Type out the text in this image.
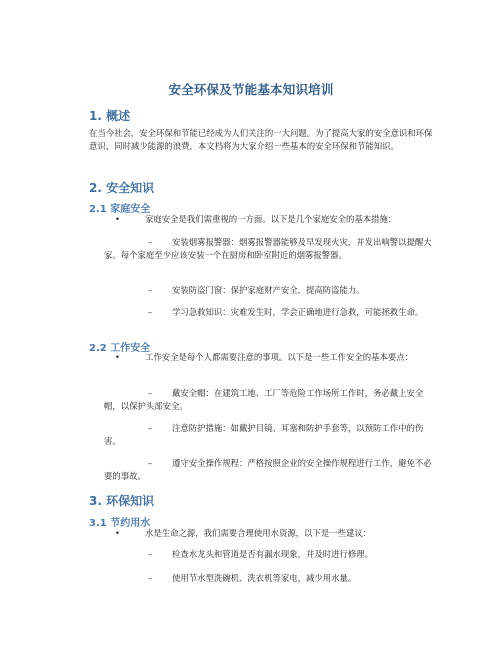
安全环保及节能基本知识培训
1. 概述
在当今社会，安全环保和节能已经成为人们关注的一大问题。为了提高大家的安全意识和环保意识，同时减少能源的浪费，本文档将为大家介绍一些基本的安全环保和节能知识。
2. 安全知识
2.1 家庭安全
•	家庭安全是我们需重视的一方面。以下是几个家庭安全的基本措施：
– 安装烟雾报警器：烟雾报警器能够及早发现火灾，并发出响警以提醒大家。每个家庭至少应该安装一个在厨房和卧室附近的烟雾报警器。
– 安装防盗门窗：保护家庭财产安全，提高防盗能力。
– 学习急救知识：灾难发生时，学会正确地进行急救，可能拯救生命。
2.2 工作安全
•	工作安全是每个人都需要注意的事项。以下是一些工作安全的基本要点：
– 戴安全帽：在建筑工地、工厂等危险工作场所工作时，务必戴上安全帽，以保护头部安全。
– 注意防护措施：如戴护目镜、耳塞和防护手套等，以预防工作中的伤害。
– 遵守安全操作规程：严格按照企业的安全操作规程进行工作，避免不必要的事故。
3. 环保知识
3.1 节约用水
•	水是生命之源，我们需要合理使用水资源，以下是一些建议：
– 检查水龙头和管道是否有漏水现象，并及时进行修理。
– 使用节水型洗碗机、洗衣机等家电，减少用水量。
